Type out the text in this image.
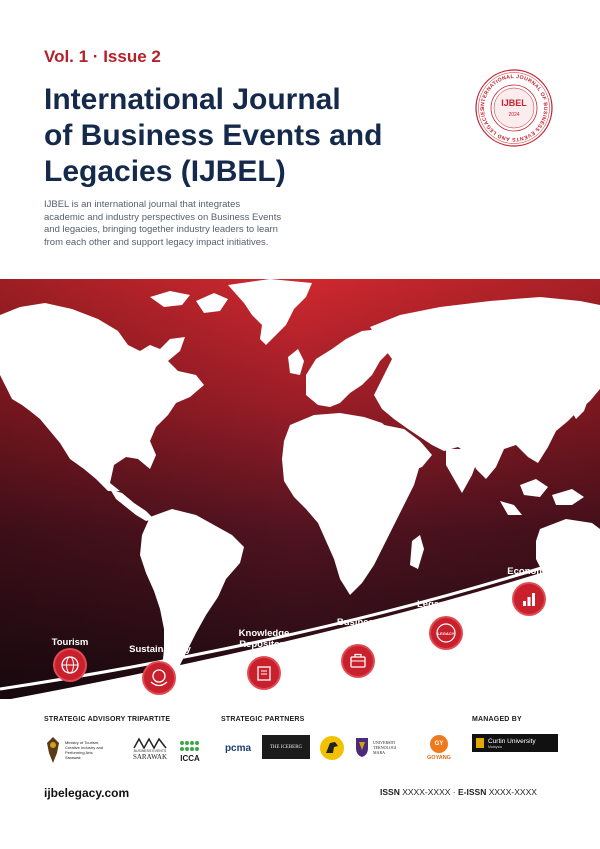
Vol. 1 · Issue 2
International Journal
of Business Events and
Legacies (IJBEL)
IJBEL is an international journal that integrates
academic and industry perspectives on Business Events
and legacies, bringing together industry leaders to learn
from each other and support legacy impact initiatives.
INTERNATIONAL JOURNAL OF BUSINESS EVENTS AND LEGACIES
IJBEL
2024
Tourism
Sustainability
Knowledge
Repository
Business
Events
Legacy Impact
LEGACY
Economic
STRATEGIC ADVISORY TRIPARTITE	STRATEGIC PARTNERS	MANAGED BY
Ministry of Tourism,
Creative Industry and
Performing Arts
Sarawak
BUSINESS EVENTS
SARAWAK ICCA
pcma	THE ICEBERG
UNIVERSITI
TEKNOLOGI
MARA
GY
GOYANG
Curtin University
Malaysia
ijbelegacy.com	ISSN XXXX-XXXX · E-ISSN XXXX-XXXX
